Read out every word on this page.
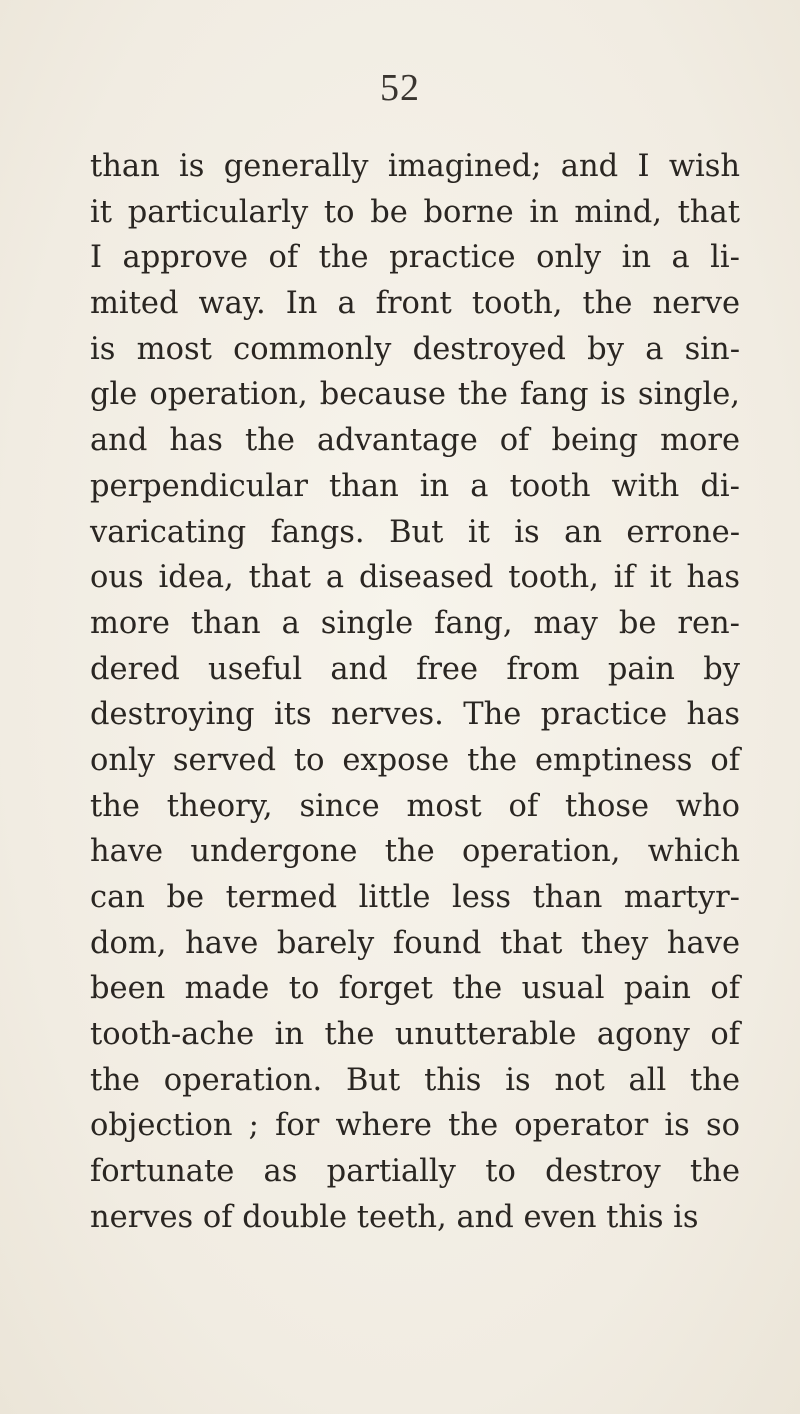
52
than is generally imagined; and I wish
it particularly to be borne in mind, that
I approve of the practice only in a li-
mited way. In a front tooth, the nerve
is most commonly destroyed by a sin-
gle operation, because the fang is single,
and has the advantage of being more
perpendicular than in a tooth with di-
varicating fangs. But it is an errone-
ous idea, that a diseased tooth, if it has
more than a single fang, may be ren-
dered useful and free from pain by
destroying its nerves. The practice has
only served to expose the emptiness of
the theory, since most of those who
have undergone the operation, which
can be termed little less than martyr-
dom, have barely found that they have
been made to forget the usual pain of
tooth-ache in the unutterable agony of
the operation. But this is not all the
objection ; for where the operator is so
fortunate as partially to destroy the
nerves of double teeth, and even this is
